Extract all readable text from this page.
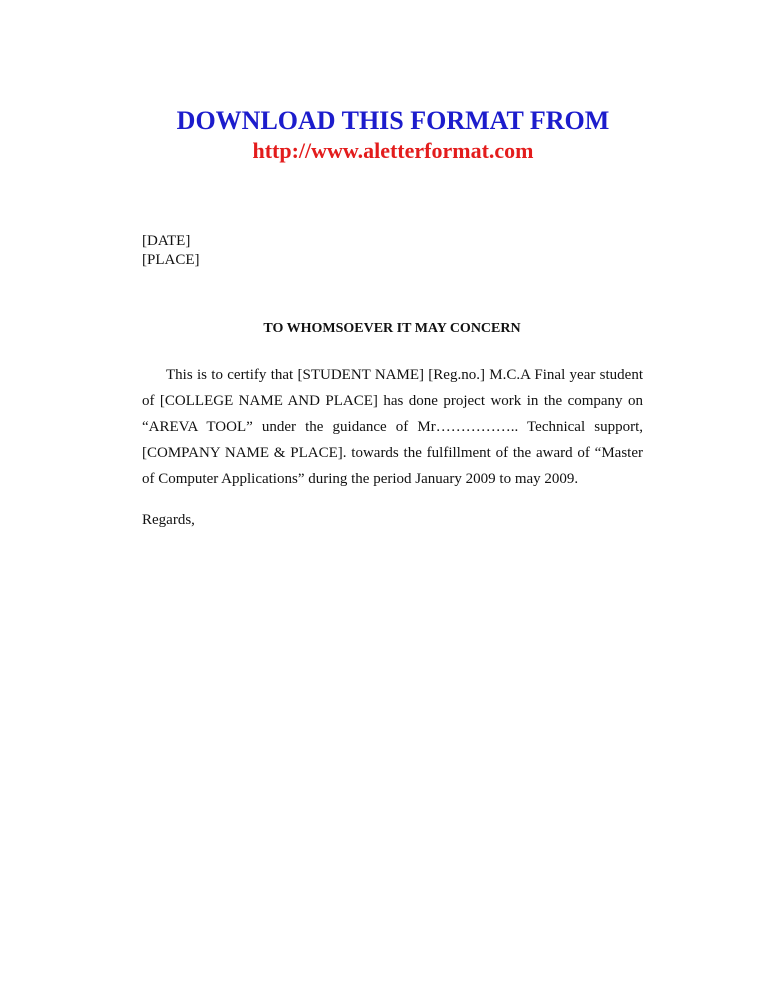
DOWNLOAD THIS FORMAT FROM
http://www.aletterformat.com
[DATE]
[PLACE]
TO WHOMSOEVER IT MAY CONCERN

This is to certify that [STUDENT NAME] [Reg.no.] M.C.A Final year student of [COLLEGE NAME AND PLACE] has done project work in the company on “AREVA TOOL” under the guidance of Mr…………….. Technical support, [COMPANY NAME & PLACE]. towards the fulfillment of the award of “Master of Computer Applications” during the period January 2009 to may 2009.

Regards,
